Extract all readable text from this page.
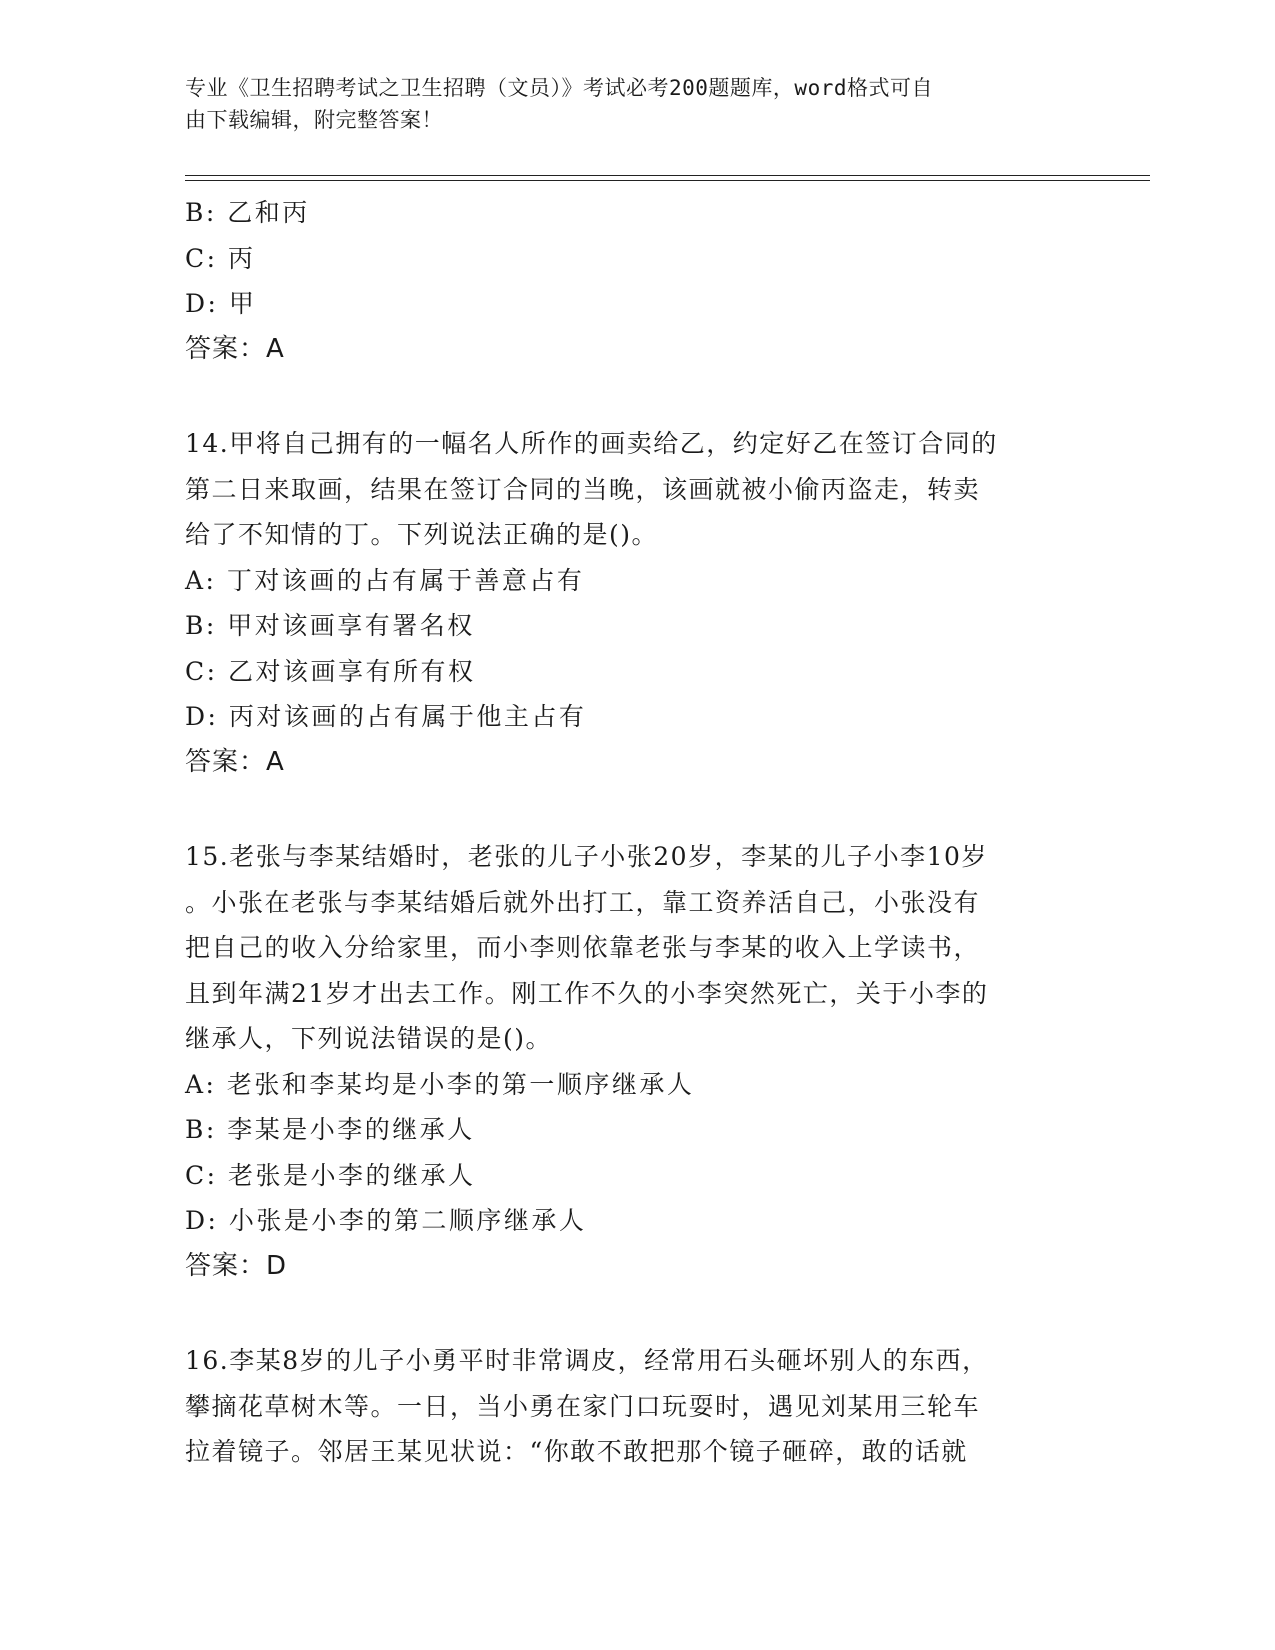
专业《卫生招聘考试之卫生招聘（文员）》考试必考200题题库，word格式可自
由下载编辑，附完整答案！
B: 乙和丙
C: 丙
D: 甲
答案：A
14.甲将自己拥有的一幅名人所作的画卖给乙，约定好乙在签订合同的
第二日来取画，结果在签订合同的当晚，该画就被小偷丙盗走，转卖
给了不知情的丁。下列说法正确的是()。
A: 丁对该画的占有属于善意占有
B: 甲对该画享有署名权
C: 乙对该画享有所有权
D: 丙对该画的占有属于他主占有
答案：A
15.老张与李某结婚时，老张的儿子小张20岁，李某的儿子小李10岁
。小张在老张与李某结婚后就外出打工，靠工资养活自己，小张没有
把自己的收入分给家里，而小李则依靠老张与李某的收入上学读书，
且到年满21岁才出去工作。刚工作不久的小李突然死亡，关于小李的
继承人，下列说法错误的是()。
A: 老张和李某均是小李的第一顺序继承人
B: 李某是小李的继承人
C: 老张是小李的继承人
D: 小张是小李的第二顺序继承人
答案：D
16.李某8岁的儿子小勇平时非常调皮，经常用石头砸坏别人的东西，
攀摘花草树木等。一日，当小勇在家门口玩耍时，遇见刘某用三轮车
拉着镜子。邻居王某见状说：“你敢不敢把那个镜子砸碎，敢的话就
